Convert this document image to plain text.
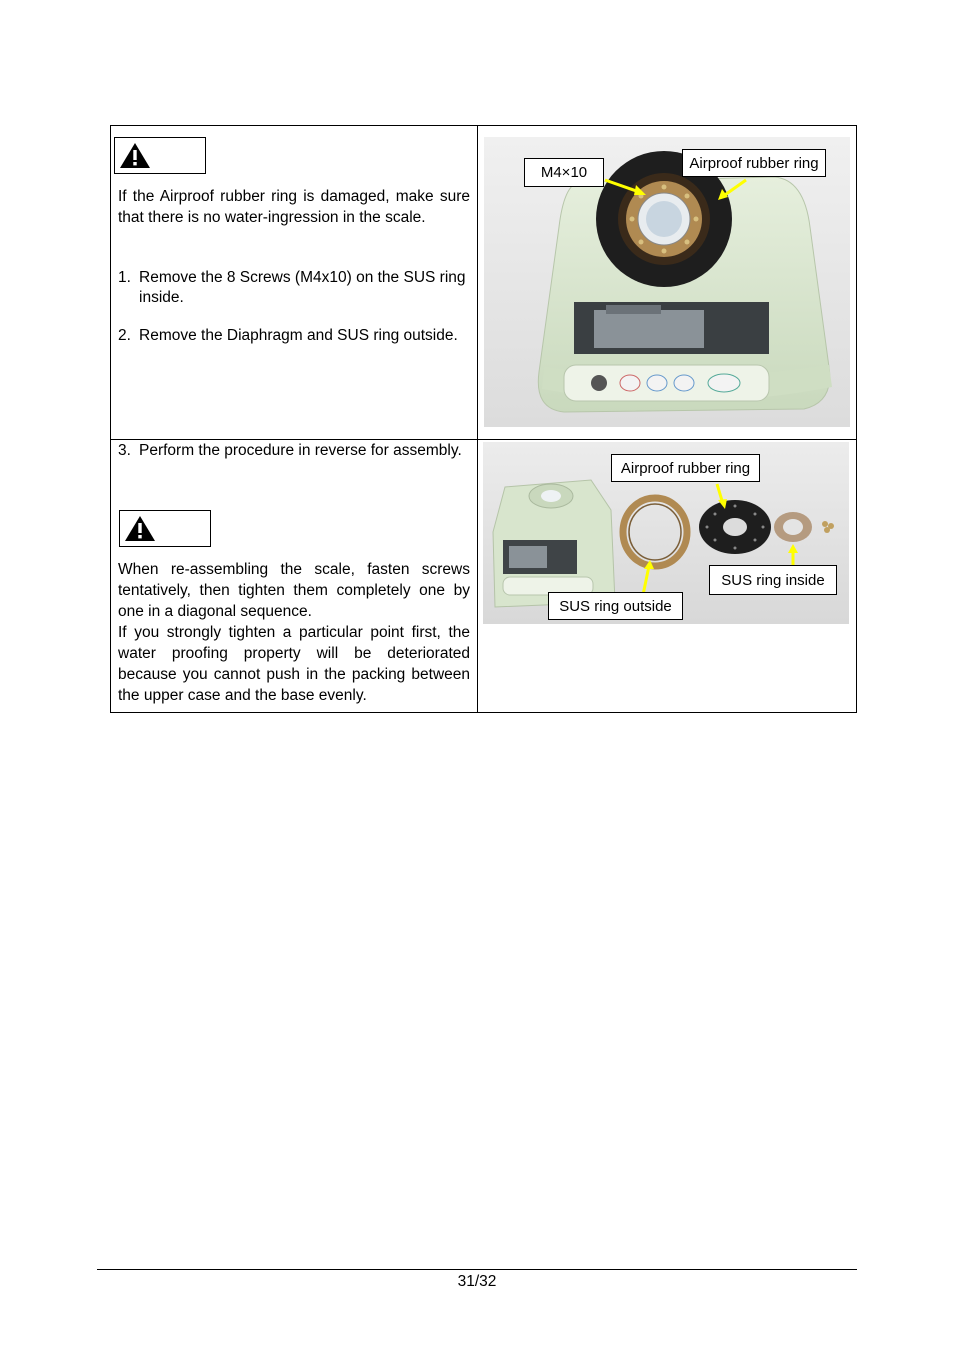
If the Airproof rubber ring is damaged, make sure that there is no water-ingression in the scale.

1. Remove the 8 Screws (M4x10) on the SUS ring inside.
2. Remove the Diaphragm and SUS ring outside.
M4×10
Airproof rubber ring
3. Perform the procedure in reverse for assembly.

When re-assembling the scale, fasten screws tentatively, then tighten them completely one by one in a diagonal sequence.

If you strongly tighten a particular point first, the water proofing property will be deteriorated because you cannot push in the packing between the upper case and the base evenly.

Airproof rubber ring
SUS ring inside
SUS ring outside
31/32
